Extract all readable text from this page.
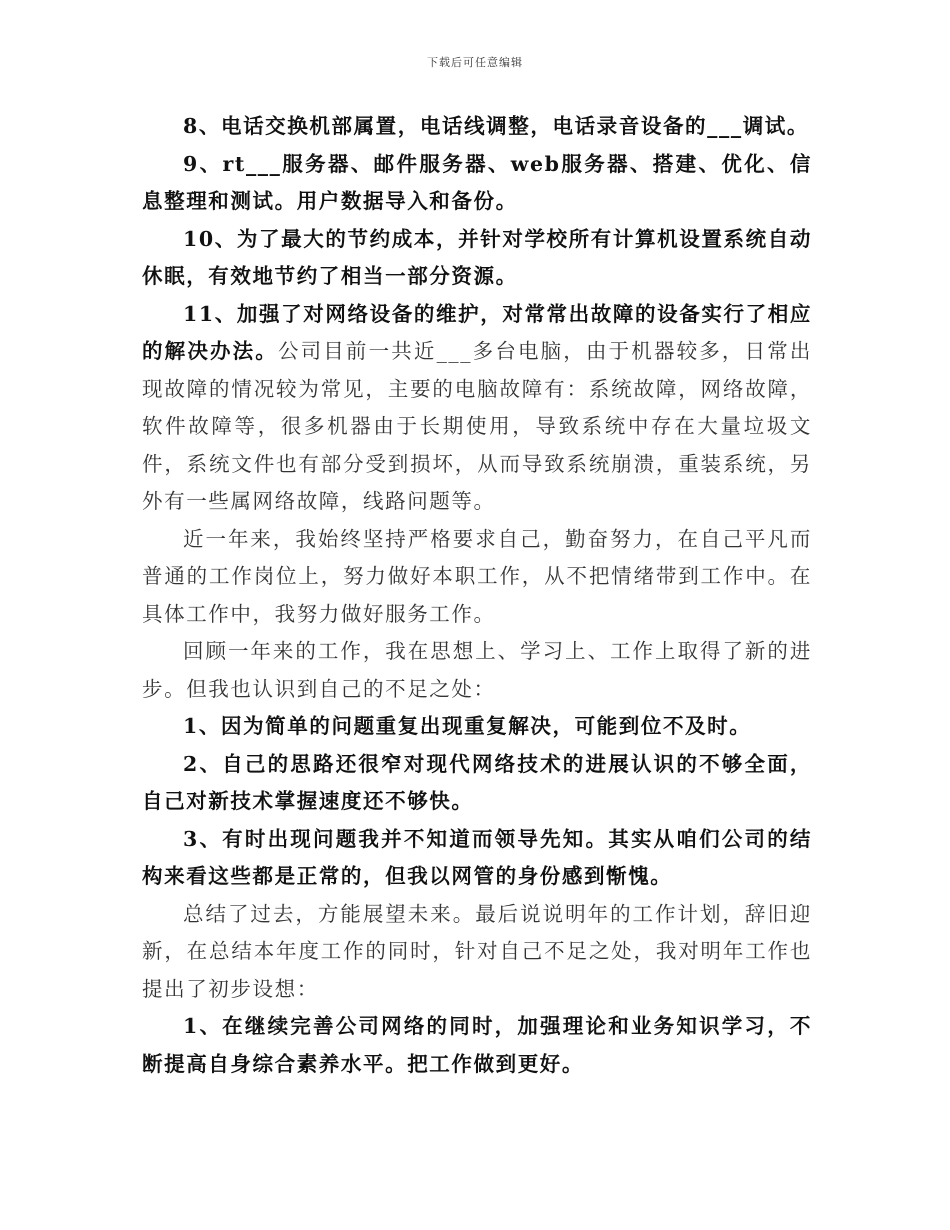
下载后可任意编辑

8、电话交换机部属置，电话线调整，电话录音设备的___调试。

9、rt___服务器、邮件服务器、web服务器、搭建、优化、信息整理和测试。用户数据导入和备份。

10、为了最大的节约成本，并针对学校所有计算机设置系统自动休眠，有效地节约了相当一部分资源。

11、加强了对网络设备的维护，对常常出故障的设备实行了相应的解决办法。公司目前一共近___多台电脑，由于机器较多，日常出现故障的情况较为常见，主要的电脑故障有：系统故障，网络故障，软件故障等，很多机器由于长期使用，导致系统中存在大量垃圾文件，系统文件也有部分受到损坏，从而导致系统崩溃，重装系统，另外有一些属网络故障，线路问题等。

近一年来，我始终坚持严格要求自己，勤奋努力，在自己平凡而普通的工作岗位上，努力做好本职工作，从不把情绪带到工作中。在具体工作中，我努力做好服务工作。

回顾一年来的工作，我在思想上、学习上、工作上取得了新的进步。但我也认识到自己的不足之处：

1、因为简单的问题重复出现重复解决，可能到位不及时。

2、自己的思路还很窄对现代网络技术的进展认识的不够全面，自己对新技术掌握速度还不够快。

3、有时出现问题我并不知道而领导先知。其实从咱们公司的结构来看这些都是正常的，但我以网管的身份感到惭愧。

总结了过去，方能展望未来。最后说说明年的工作计划，辞旧迎新，在总结本年度工作的同时，针对自己不足之处，我对明年工作也提出了初步设想：

1、在继续完善公司网络的同时，加强理论和业务知识学习，不断提高自身综合素养水平。把工作做到更好。
